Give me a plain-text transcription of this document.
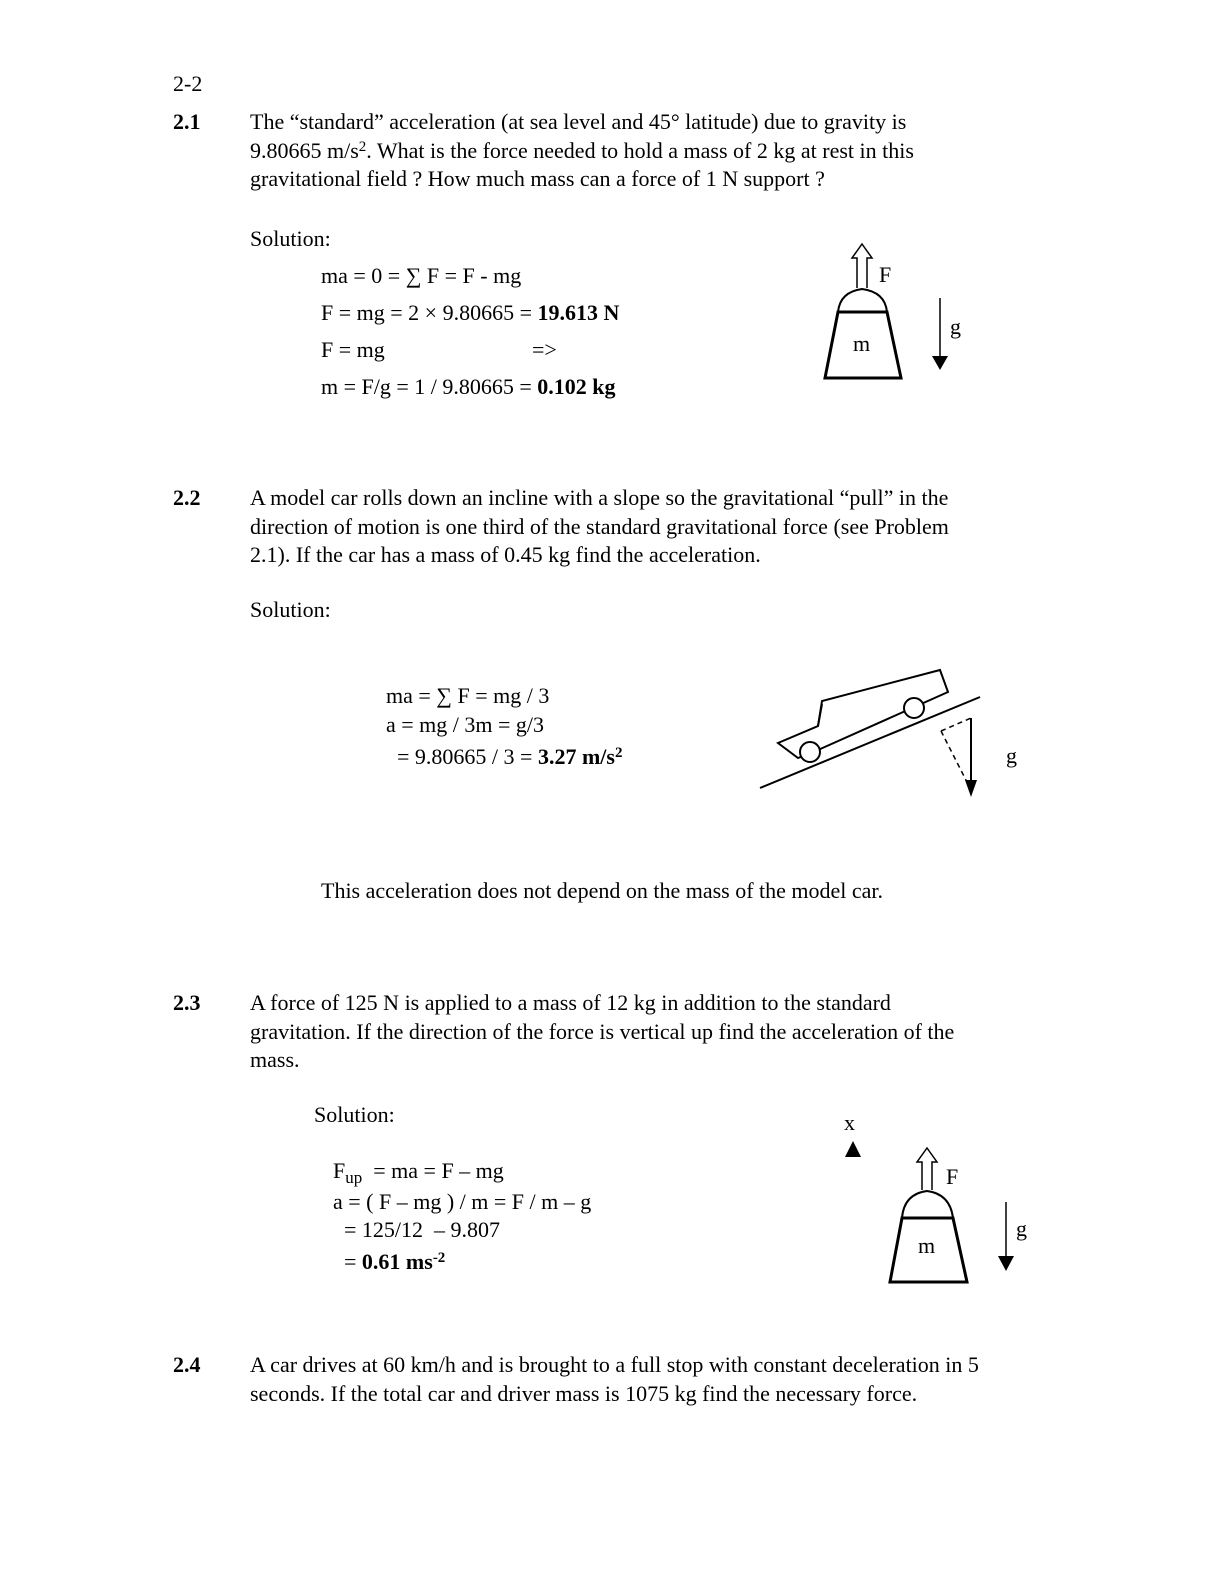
2-2
2.1 The “standard” acceleration (at sea level and 45° latitude) due to gravity is
9.80665 $m/s^2$. What is the force needed to hold a mass of 2 kg at rest in this
gravitational field ? How much mass can a force of 1 N support ?
Solution:
ma = 0 = ∑ F = F - mg
F = mg = 2 × 9.80665 = 19.613 N
F = mg	=>
m = F/g = 1 / 9.80665 = 0.102 kg
F
m
g
2.2 A model car rolls down an incline with a slope so the gravitational “pull” in the
direction of motion is one third of the standard gravitational force (see Problem
2.1). If the car has a mass of 0.45 kg find the acceleration.
Solution:
ma = ∑ F = mg / 3
a = mg / 3m = g/3
= 9.80665 / 3 = 3.27 $m/s^2$	g
This acceleration does not depend on the mass of the model car.
2.3 A force of 125 N is applied to a mass of 12 kg in addition to the standard
gravitation. If the direction of the force is vertical up find the acceleration of the
mass.
Solution:
$F_{up}$  = ma = F – mg
a = ( F – mg ) / m = F / m – g
= 125/12  – 9.807
= 0.61 $ms^{-2}$
x
F
m
g
2.4 A car drives at 60 km/h and is brought to a full stop with constant deceleration in 5
seconds. If the total car and driver mass is 1075 kg find the necessary force.
